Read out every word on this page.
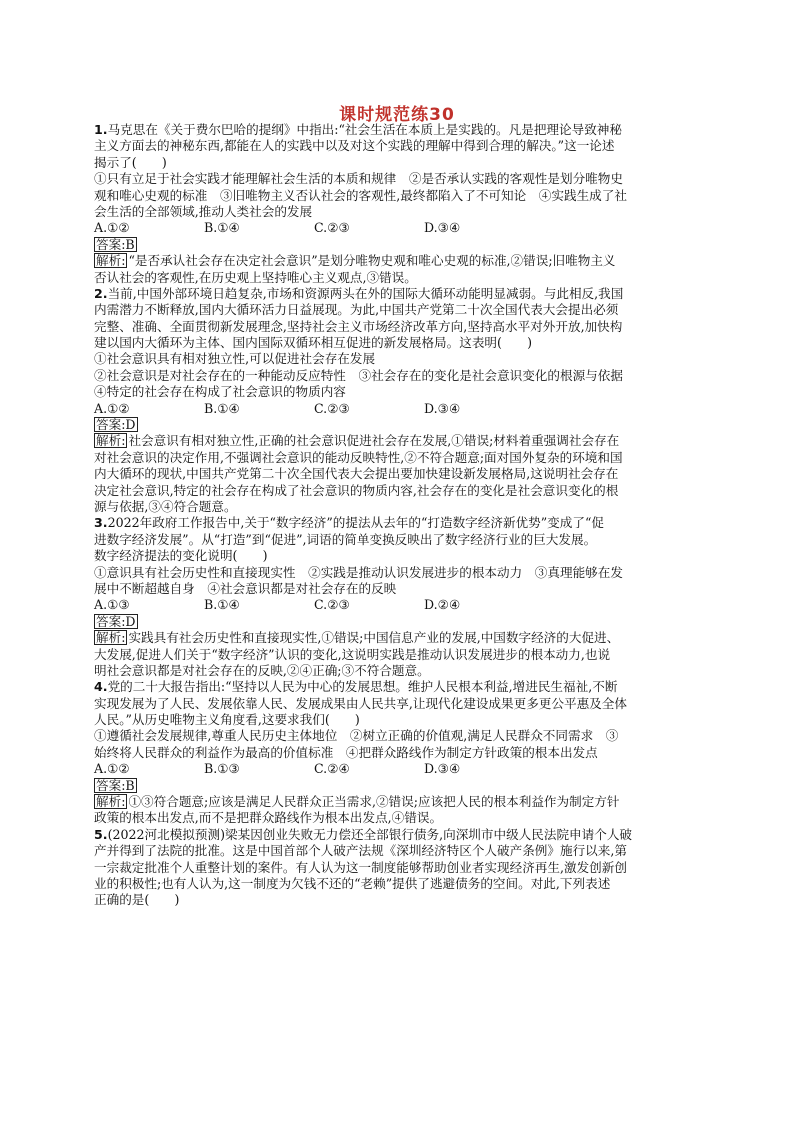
课时规范练30
1.马克思在《关于费尔巴哈的提纲》中指出:“社会生活在本质上是实践的。凡是把理论导致神秘
主义方面去的神秘东西,都能在人的实践中以及对这个实践的理解中得到合理的解决。”这一论述
揭示了(　　)
①只有立足于社会实践才能理解社会生活的本质和规律　②是否承认实践的客观性是划分唯物史
观和唯心史观的标准　③旧唯物主义否认社会的客观性,最终都陷入了不可知论　④实践生成了社
会生活的全部领域,推动人类社会的发展
A.①②	B.①④	C.②③	D.③④
答案:B
解析: “是否承认社会存在决定社会意识”是划分唯物史观和唯心史观的标准,②错误;旧唯物主义
否认社会的客观性,在历史观上坚持唯心主义观点,③错误。
2.当前,中国外部环境日趋复杂,市场和资源两头在外的国际大循环动能明显减弱。与此相反,我国
内需潜力不断释放,国内大循环活力日益展现。为此,中国共产党第二十次全国代表大会提出必须
完整、准确、全面贯彻新发展理念,坚持社会主义市场经济改革方向,坚持高水平对外开放,加快构
建以国内大循环为主体、国内国际双循环相互促进的新发展格局。这表明(　　)
①社会意识具有相对独立性,可以促进社会存在发展
②社会意识是对社会存在的一种能动反应特性　③社会存在的变化是社会意识变化的根源与依据
④特定的社会存在构成了社会意识的物质内容
A.①②	B.①④	C.②③	D.③④
答案:D
解析: 社会意识有相对独立性,正确的社会意识促进社会存在发展,①错误;材料着重强调社会存在
对社会意识的决定作用,不强调社会意识的能动反映特性,②不符合题意;面对国外复杂的环境和国
内大循环的现状,中国共产党第二十次全国代表大会提出要加快建设新发展格局,这说明社会存在
决定社会意识,特定的社会存在构成了社会意识的物质内容,社会存在的变化是社会意识变化的根
源与依据,③④符合题意。
3.2022年政府工作报告中,关于“数字经济”的提法从去年的“打造数字经济新优势”变成了“促
进数字经济发展”。从“打造”到“促进”,词语的简单变换反映出了数字经济行业的巨大发展。
数字经济提法的变化说明(　　)
①意识具有社会历史性和直接现实性　②实践是推动认识发展进步的根本动力　③真理能够在发
展中不断超越自身　④社会意识都是对社会存在的反映
A.①③	B.①④	C.②③	D.②④
答案:D
解析: 实践具有社会历史性和直接现实性,①错误;中国信息产业的发展,中国数字经济的大促进、
大发展,促进人们关于“数字经济”认识的变化,这说明实践是推动认识发展进步的根本动力,也说
明社会意识都是对社会存在的反映,②④正确;③不符合题意。
4.党的二十大报告指出:“坚持以人民为中心的发展思想。维护人民根本利益,增进民生福祉,不断
实现发展为了人民、发展依靠人民、发展成果由人民共享,让现代化建设成果更多更公平惠及全体
人民。”从历史唯物主义角度看,这要求我们(　　)
①遵循社会发展规律,尊重人民历史主体地位　②树立正确的价值观,满足人民群众不同需求　③
始终将人民群众的利益作为最高的价值标准　④把群众路线作为制定方针政策的根本出发点
A.①②	B.①③	C.②④	D.③④
答案:B
解析: ①③符合题意;应该是满足人民群众正当需求,②错误;应该把人民的根本利益作为制定方针
政策的根本出发点,而不是把群众路线作为根本出发点,④错误。
5.(2022河北模拟预测)梁某因创业失败无力偿还全部银行债务,向深圳市中级人民法院申请个人破
产并得到了法院的批准。这是中国首部个人破产法规《深圳经济特区个人破产条例》施行以来,第
一宗裁定批准个人重整计划的案件。有人认为这一制度能够帮助创业者实现经济再生,激发创新创
业的积极性;也有人认为,这一制度为欠钱不还的“老赖”提供了逃避债务的空间。对此,下列表述
正确的是(　　)
